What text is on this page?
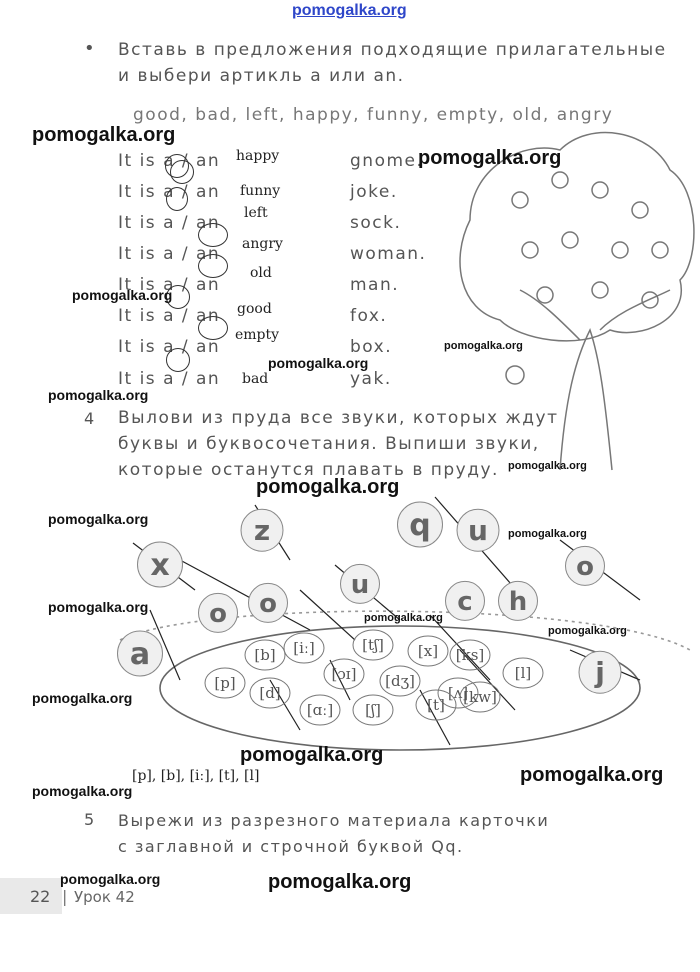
pomogalka.org
• Вставь в предложения подходящие прилагательные
и выбери артикль a или an.
good, bad, left, happy, funny, empty, old, angry
It is a / an	gnome.
happy
It is a / an	joke.
funny
It is a / an	sock.
left
It is a / an	woman.
angry
It is a / an	man.
old
It is a / an	fox.
good
It is a / an	box.
empty
It is a / an	yak.
bad
x
z	q u
o
o o
u
c h
a
j
[b] [iː]	[tʃ] [x] [ks]
[p]	[ɔɪ] [dʒ]	[l]
[d]	[ʌ]
[ɑː] [ʃ]	[t] [kw]
4 Вылови из пруда все звуки, которых ждут
буквы и буквосочетания. Выпиши звуки,
которые останутся плавать в пруду.
[p], [b], [iː], [t], [l]
5 Вырежи из разрезного материала карточки
с заглавной и строчной буквой Qq.
22 | Урок 42
pomogalka.org
pomogalka.org
pomogalka.org
pomogalka.org
pomogalka.org
pomogalka.org
pomogalka.org
pomogalka.org
pomogalka.org
pomogalka.org
pomogalka.org
pomogalka.org
pomogalka.org
pomogalka.org
pomogalka.org
pomogalka.org
pomogalka.org
pomogalka.org	pomogalka.org
